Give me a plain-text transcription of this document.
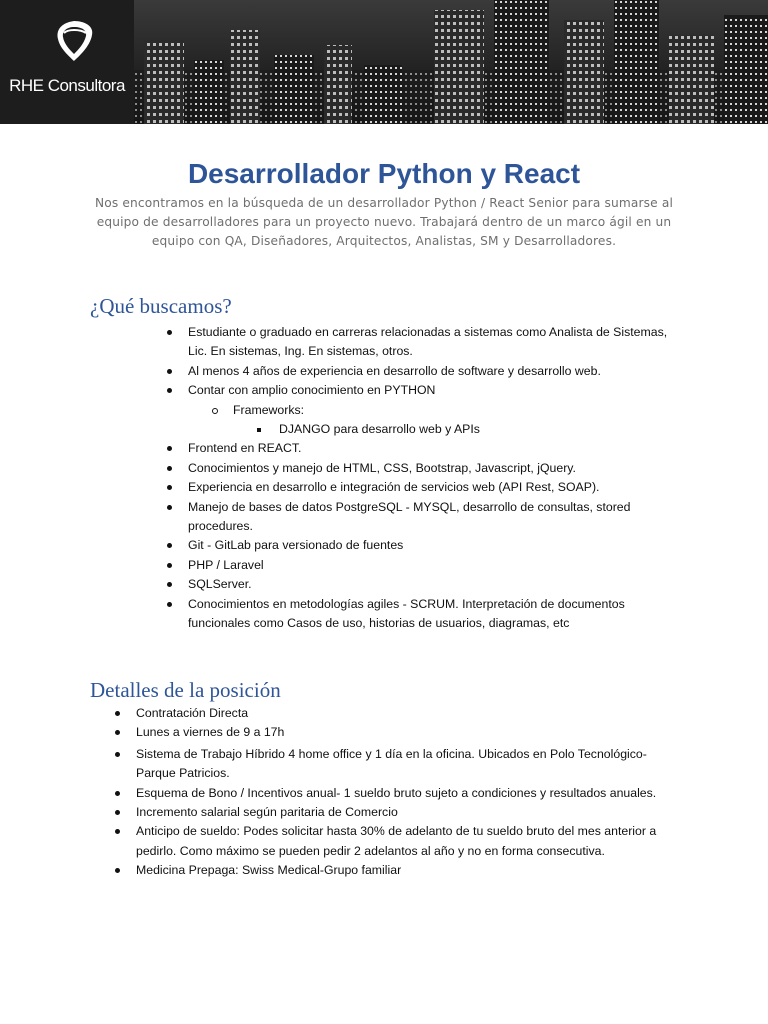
RHE Consultora
Desarrollador Python y React
Nos encontramos en la búsqueda de un desarrollador Python / React Senior para sumarse al equipo de desarrolladores para un proyecto nuevo. Trabajará dentro de un marco ágil en un equipo con QA, Diseñadores, Arquitectos, Analistas, SM y Desarrolladores.
¿Qué buscamos?
Estudiante o graduado en carreras relacionadas a sistemas como Analista de Sistemas, Lic. En sistemas, Ing. En sistemas, otros.
Al menos 4 años de experiencia en desarrollo de software y desarrollo web.
Contar con amplio conocimiento en PYTHON
Frameworks:
DJANGO para desarrollo web y APIs
Frontend en REACT.
Conocimientos y manejo de HTML, CSS, Bootstrap, Javascript, jQuery.
Experiencia en desarrollo e integración de servicios web (API Rest, SOAP).
Manejo de bases de datos PostgreSQL - MYSQL, desarrollo de consultas, stored procedures.
Git - GitLab para versionado de fuentes
PHP / Laravel
SQLServer.
Conocimientos en metodologías agiles - SCRUM. Interpretación de documentos funcionales como Casos de uso, historias de usuarios, diagramas, etc
Detalles de la posición
Contratación Directa
Lunes a viernes de 9 a 17h
Sistema de Trabajo Híbrido 4 home office y 1 día en la oficina. Ubicados en Polo Tecnológico-Parque Patricios.
Esquema de Bono / Incentivos anual- 1 sueldo bruto sujeto a condiciones y resultados anuales.
Incremento salarial según paritaria de Comercio
Anticipo de sueldo: Podes solicitar hasta 30% de adelanto de tu sueldo bruto del mes anterior a pedirlo. Como máximo se pueden pedir 2 adelantos al año y no en forma consecutiva.
Medicina Prepaga: Swiss Medical-Grupo familiar
